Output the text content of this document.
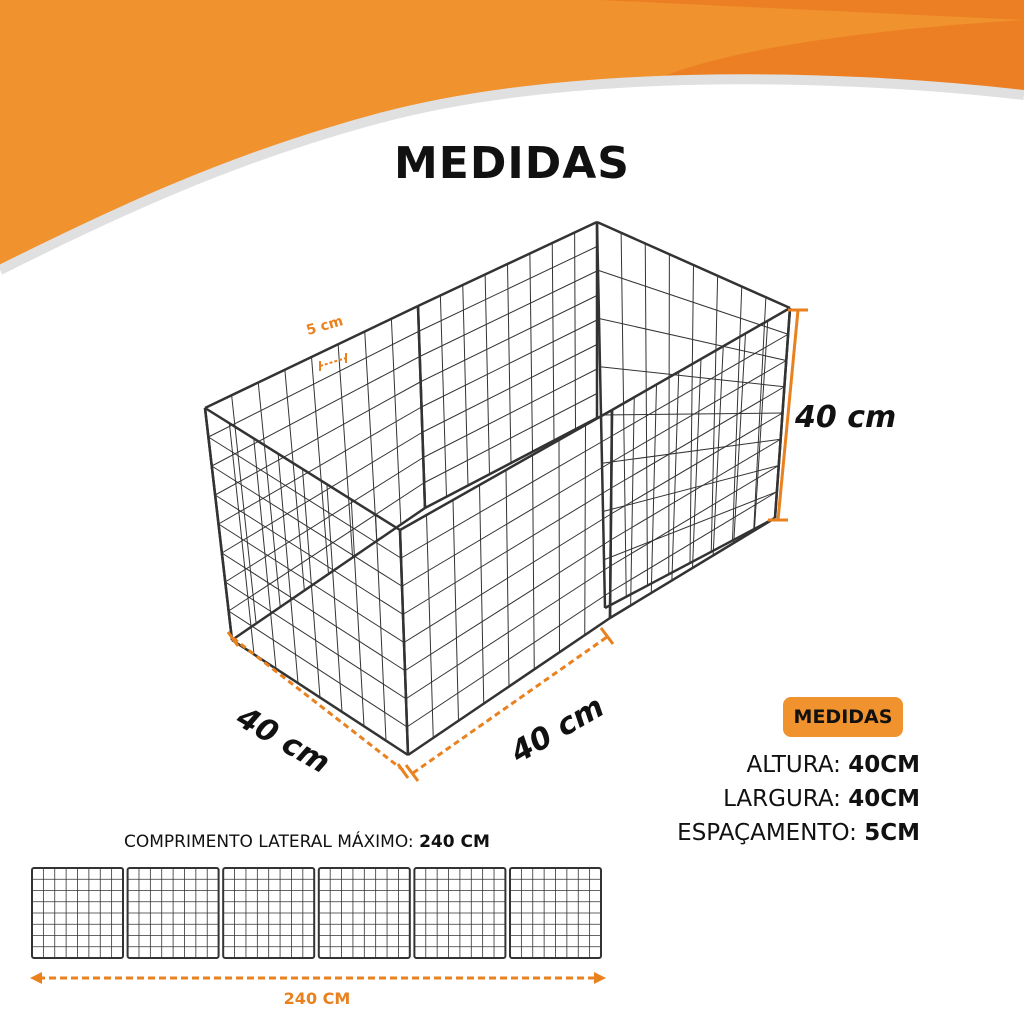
MEDIDAS
40 cm
40 cm	40 cm
5 cm
MEDIDAS
ALTURA: 40CM
LARGURA: 40CM
ESPAÇAMENTO: 5CM
COMPRIMENTO LATERAL MÁXIMO: 240 CM
240 CM
